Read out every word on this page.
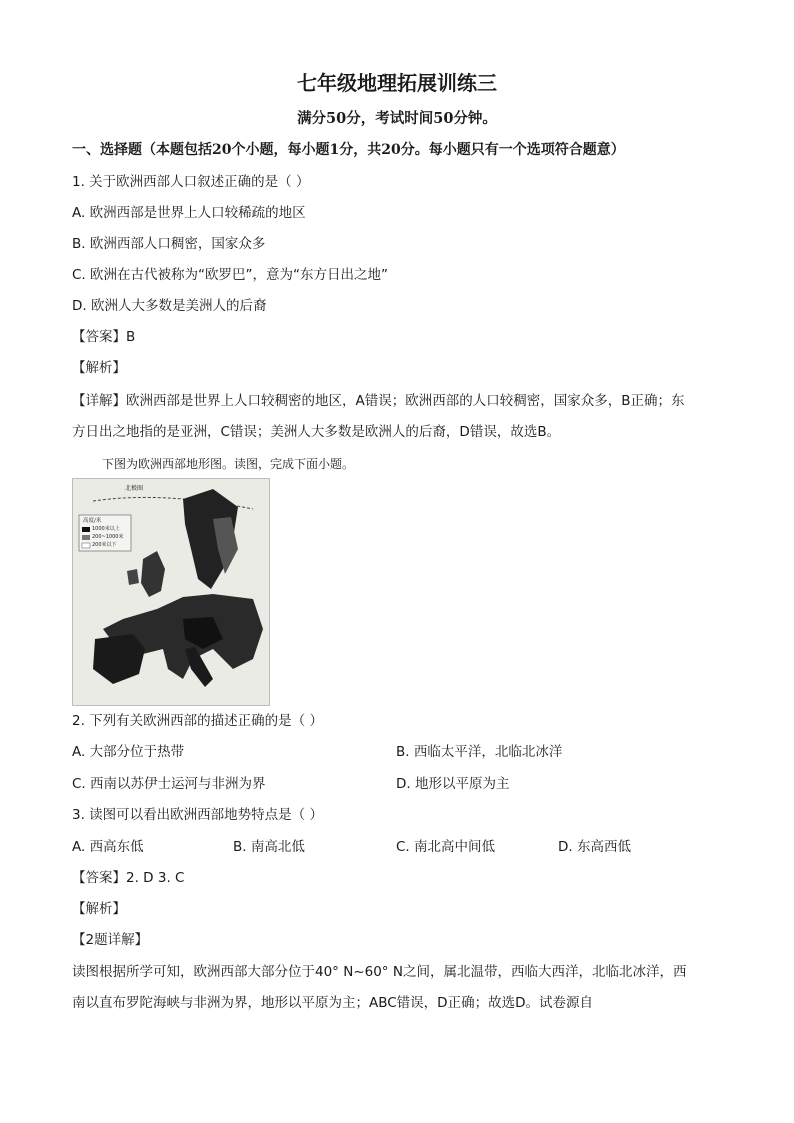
七年级地理拓展训练三
满分50分，考试时间50分钟。
一、选择题（本题包括20个小题，每小题1分，共20分。每小题只有一个选项符合题意）
1. 关于欧洲西部人口叙述正确的是（ ）
A. 欧洲西部是世界上人口较稀疏的地区
B. 欧洲西部人口稠密，国家众多
C. 欧洲在古代被称为“欧罗巴”，意为“东方日出之地”
D. 欧洲人大多数是美洲人的后裔
【答案】B
【解析】
【详解】欧洲西部是世界上人口较稠密的地区，A错误；欧洲西部的人口较稠密，国家众多，B正确；东
方日出之地指的是亚洲，C错误；美洲人大多数是欧洲人的后裔，D错误，故选B。
下图为欧洲西部地形图。读图，完成下面小题。
北极圈
高度/米
1000米以上
200~1000米
200米以下
2. 下列有关欧洲西部的描述正确的是（ ）
A. 大部分位于热带	B. 西临太平洋，北临北冰洋
C. 西南以苏伊士运河与非洲为界	D. 地形以平原为主
3. 读图可以看出欧洲西部地势特点是（ ）
A. 西高东低	B. 南高北低	C. 南北高中间低	D. 东高西低
【答案】2. D 3. C
【解析】
【2题详解】
读图根据所学可知，欧洲西部大部分位于40° N~60° N之间，属北温带，西临大西洋，北临北冰洋，西
南以直布罗陀海峡与非洲为界，地形以平原为主；ABC错误，D正确；故选D。试卷源自
